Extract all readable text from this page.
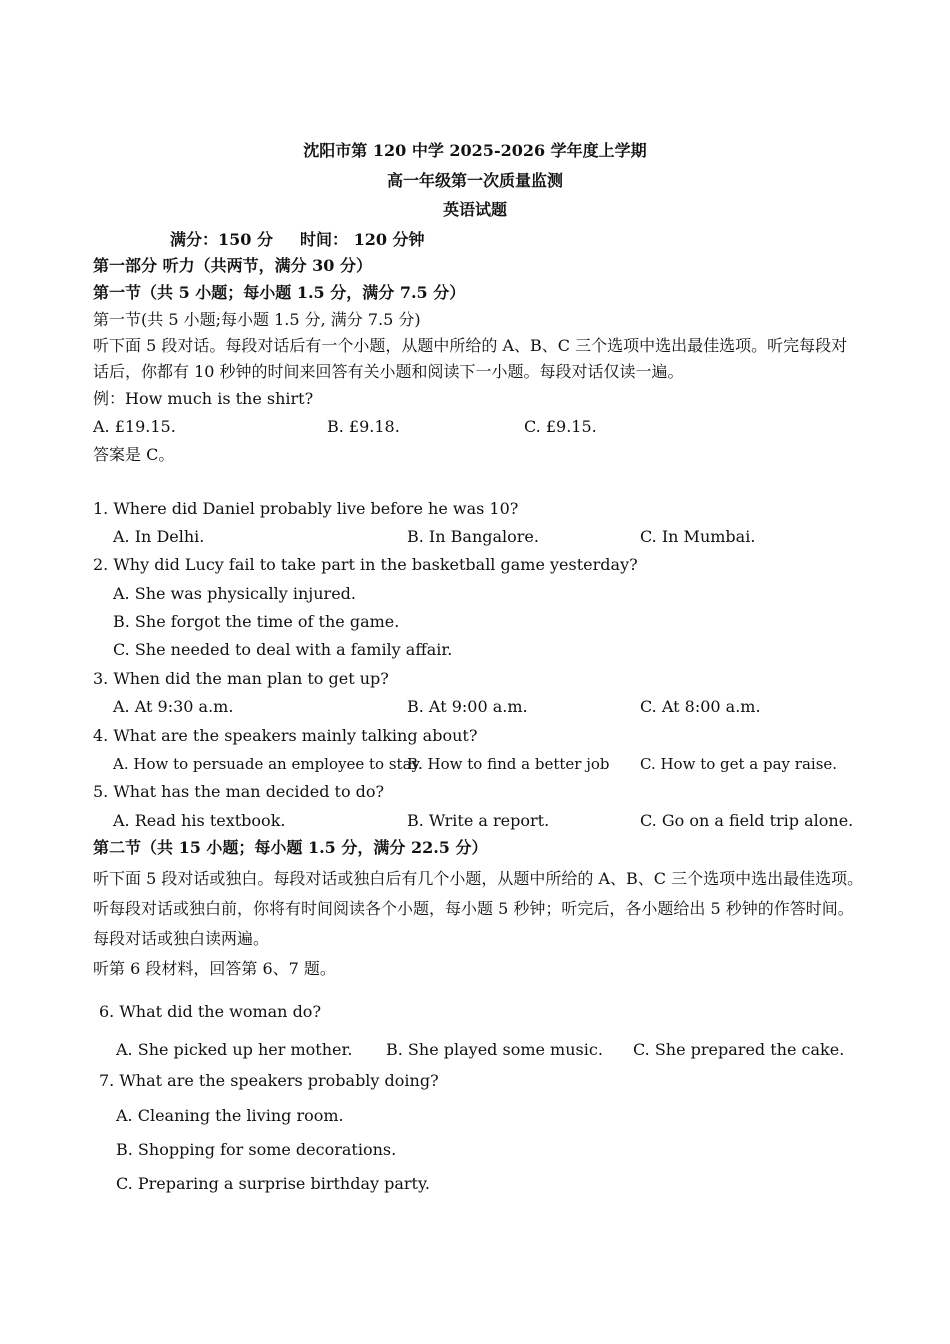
沈阳市第 120 中学 2025-2026 学年度上学期
高一年级第一次质量监测
英语试题
满分：150 分 时间： 120 分钟
第一部分 听力（共两节，满分 30 分）
第一节（共 5 小题；每小题 1.5 分，满分 7.5 分）
第一节(共 5 小题;每小题 1.5 分, 满分 7.5 分)
听下面 5 段对话。每段对话后有一个小题，从题中所给的 A、B、C 三个选项中选出最佳选项。听完每段对
话后，你都有 10 秒钟的时间来回答有关小题和阅读下一小题。每段对话仅读一遍。
例：How much is the shirt?
A. £19.15.	B. £9.18.	C. £9.15.
答案是 C。
1. Where did Daniel probably live before he was 10?
A. In Delhi.	B. In Bangalore.	C. In Mumbai.
2. Why did Lucy fail to take part in the basketball game yesterday?
A. She was physically injured.
B. She forgot the time of the game.
C. She needed to deal with a family affair.
3. When did the man plan to get up?
A. At 9:30 a.m.	B. At 9:00 a.m.	C. At 8:00 a.m.
4. What are the speakers mainly talking about?
A. How to persuade an employee to stay.
B. How to find a better job C. How to get a pay raise.
5. What has the man decided to do?
A. Read his textbook.	B. Write a report.	C. Go on a field trip alone.
第二节（共 15 小题；每小题 1.5 分，满分 22.5 分）
听下面 5 段对话或独白。每段对话或独白后有几个小题，从题中所给的 A、B、C 三个选项中选出最佳选项。
听每段对话或独白前，你将有时间阅读各个小题，每小题 5 秒钟；听完后，各小题给出 5 秒钟的作答时间。
每段对话或独白读两遍。
听第 6 段材料，回答第 6、7 题。
6. What did the woman do?
A. She picked up her mother. B. She played some music. C. She prepared the cake.
7. What are the speakers probably doing?
A. Cleaning the living room.
B. Shopping for some decorations.
C. Preparing a surprise birthday party.
